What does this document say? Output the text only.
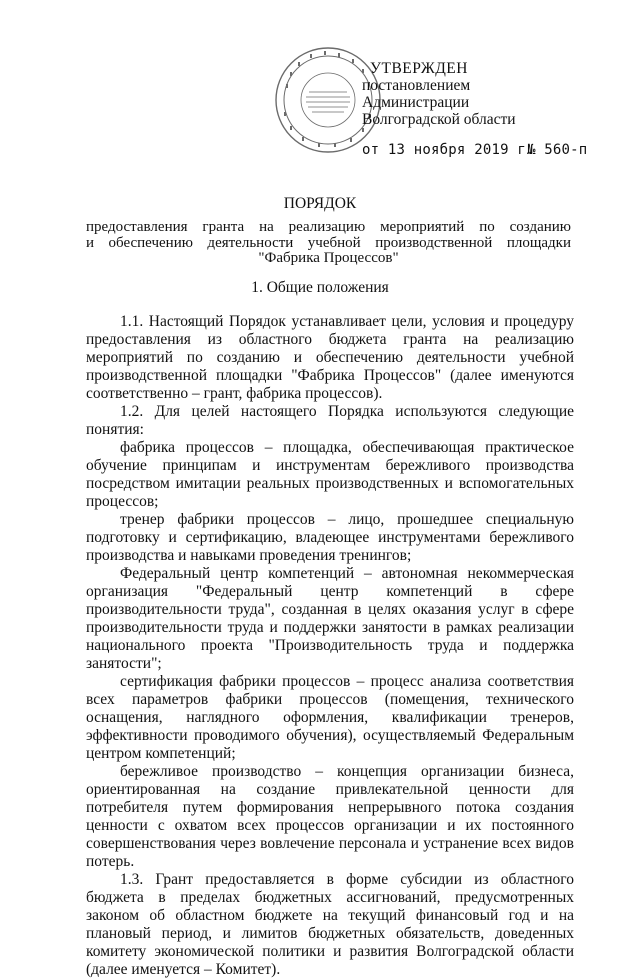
УТВЕРЖДЕН
постановлением
Администрации
Волгоградской области
от 13 ноября 2019 г.
№ 560-п
ПОРЯДОК
предоставления гранта на реализацию мероприятий по созданию
и обеспечению деятельности учебной производственной площадки
"Фабрика Процессов"
1. Общие положения

1.1. Настоящий Порядок устанавливает цели, условия и процедуру предоставления из областного бюджета гранта на реализацию мероприятий по созданию и обеспечению деятельности учебной производственной площадки "Фабрика Процессов" (далее именуются соответственно – грант, фабрика процессов).

1.2. Для целей настоящего Порядка используются следующие понятия:

фабрика процессов – площадка, обеспечивающая практическое обучение принципам и инструментам бережливого производства посредством имитации реальных производственных и вспомогательных процессов;

тренер фабрики процессов – лицо, прошедшее специальную подготовку и сертификацию, владеющее инструментами бережливого производства и навыками проведения тренингов;

Федеральный центр компетенций – автономная некоммерческая организация "Федеральный центр компетенций в сфере производительности труда", созданная в целях оказания услуг в сфере производительности труда и поддержки занятости в рамках реализации национального проекта "Производительность труда и поддержка занятости";

сертификация фабрики процессов – процесс анализа соответствия всех параметров фабрики процессов (помещения, технического оснащения, наглядного оформления, квалификации тренеров, эффективности проводимого обучения), осуществляемый Федеральным центром компетенций;

бережливое производство – концепция организации бизнеса, ориентированная на создание привлекательной ценности для потребителя путем формирования непрерывного потока создания ценности с охватом всех процессов организации и их постоянного совершенствования через вовлечение персонала и устранение всех видов потерь.

1.3. Грант предоставляется в форме субсидии из областного бюджета в пределах бюджетных ассигнований, предусмотренных законом об областном бюджете на текущий финансовый год и на плановый период, и лимитов бюджетных обязательств, доведенных комитету экономической политики и развития Волгоградской области (далее именуется – Комитет).
